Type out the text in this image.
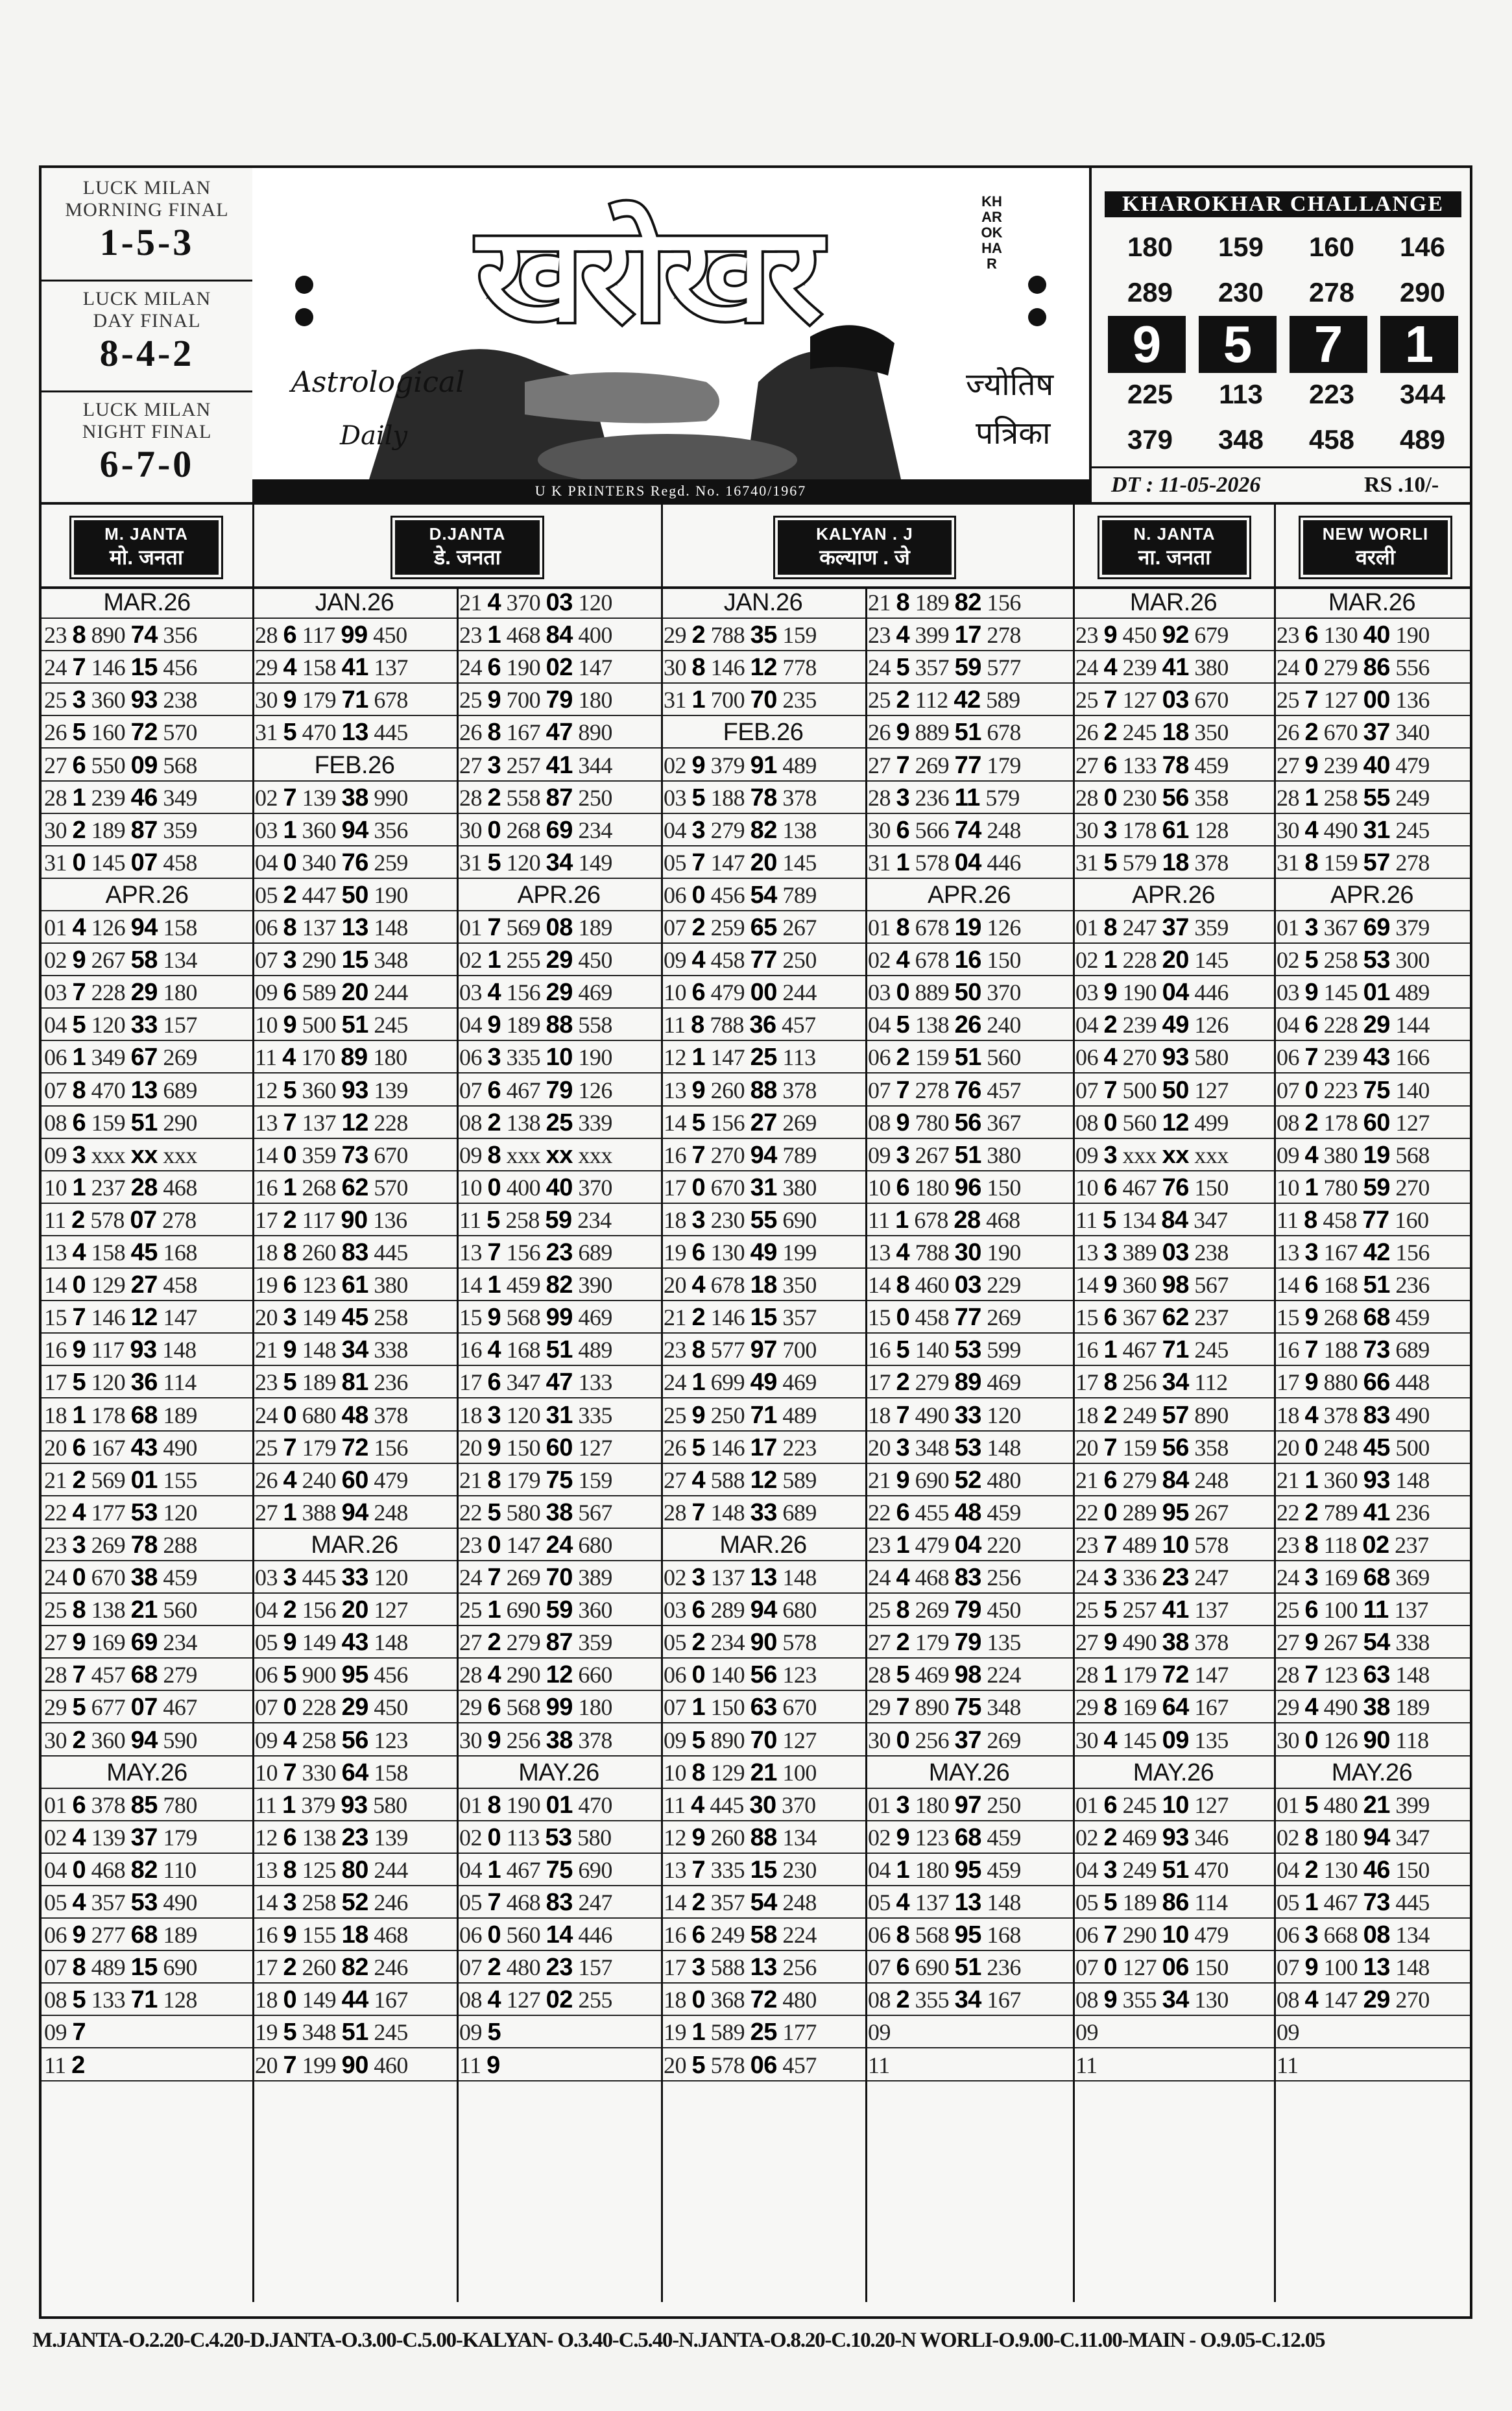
LUCK MILAN
MORNING FINAL
1-5-3
LUCK MILAN
DAY FINAL
8-4-2
LUCK MILAN
NIGHT FINAL
6-7-0
खरोखर	KHAROKHAR
Astrological
Daily
ज्योतिष
पत्रिका
U K PRINTERS Regd. No. 16740/1967
KHAROKHAR CHALLANGE
180 159 160 146
289 230 278 290
9 5 7 1
225 113 223 344
379 348 458 489
DT : 11-05-2026	RS .10/-
M. JANTA
मो. जनता
D.JANTA
डे. जनता
KALYAN . J
कल्याण . जे
N. JANTA
ना. जनता
NEW WORLI
वरली
MAR.26
23 8 890 74 356
24 7 146 15 456
25 3 360 93 238
26 5 160 72 570
27 6 550 09 568
28 1 239 46 349
30 2 189 87 359
31 0 145 07 458
APR.26
01 4 126 94 158
02 9 267 58 134
03 7 228 29 180
04 5 120 33 157
06 1 349 67 269
07 8 470 13 689
08 6 159 51 290
09 3 xxx xx xxx
10 1 237 28 468
11 2 578 07 278
13 4 158 45 168
14 0 129 27 458
15 7 146 12 147
16 9 117 93 148
17 5 120 36 114
18 1 178 68 189
20 6 167 43 490
21 2 569 01 155
22 4 177 53 120
23 3 269 78 288
24 0 670 38 459
25 8 138 21 560
27 9 169 69 234
28 7 457 68 279
29 5 677 07 467
30 2 360 94 590
MAY.26
01 6 378 85 780
02 4 139 37 179
04 0 468 82 110
05 4 357 53 490
06 9 277 68 189
07 8 489 15 690
08 5 133 71 128
09 7
11 2
JAN.26
28 6 117 99 450
29 4 158 41 137
30 9 179 71 678
31 5 470 13 445
FEB.26
02 7 139 38 990
03 1 360 94 356
04 0 340 76 259
05 2 447 50 190
06 8 137 13 148
07 3 290 15 348
09 6 589 20 244
10 9 500 51 245
11 4 170 89 180
12 5 360 93 139
13 7 137 12 228
14 0 359 73 670
16 1 268 62 570
17 2 117 90 136
18 8 260 83 445
19 6 123 61 380
20 3 149 45 258
21 9 148 34 338
23 5 189 81 236
24 0 680 48 378
25 7 179 72 156
26 4 240 60 479
27 1 388 94 248
MAR.26
03 3 445 33 120
04 2 156 20 127
05 9 149 43 148
06 5 900 95 456
07 0 228 29 450
09 4 258 56 123
10 7 330 64 158
11 1 379 93 580
12 6 138 23 139
13 8 125 80 244
14 3 258 52 246
16 9 155 18 468
17 2 260 82 246
18 0 149 44 167
19 5 348 51 245
20 7 199 90 460
21 4 370 03 120
23 1 468 84 400
24 6 190 02 147
25 9 700 79 180
26 8 167 47 890
27 3 257 41 344
28 2 558 87 250
30 0 268 69 234
31 5 120 34 149
APR.26
01 7 569 08 189
02 1 255 29 450
03 4 156 29 469
04 9 189 88 558
06 3 335 10 190
07 6 467 79 126
08 2 138 25 339
09 8 xxx xx xxx
10 0 400 40 370
11 5 258 59 234
13 7 156 23 689
14 1 459 82 390
15 9 568 99 469
16 4 168 51 489
17 6 347 47 133
18 3 120 31 335
20 9 150 60 127
21 8 179 75 159
22 5 580 38 567
23 0 147 24 680
24 7 269 70 389
25 1 690 59 360
27 2 279 87 359
28 4 290 12 660
29 6 568 99 180
30 9 256 38 378
MAY.26
01 8 190 01 470
02 0 113 53 580
04 1 467 75 690
05 7 468 83 247
06 0 560 14 446
07 2 480 23 157
08 4 127 02 255
09 5
11 9
JAN.26
29 2 788 35 159
30 8 146 12 778
31 1 700 70 235
FEB.26
02 9 379 91 489
03 5 188 78 378
04 3 279 82 138
05 7 147 20 145
06 0 456 54 789
07 2 259 65 267
09 4 458 77 250
10 6 479 00 244
11 8 788 36 457
12 1 147 25 113
13 9 260 88 378
14 5 156 27 269
16 7 270 94 789
17 0 670 31 380
18 3 230 55 690
19 6 130 49 199
20 4 678 18 350
21 2 146 15 357
23 8 577 97 700
24 1 699 49 469
25 9 250 71 489
26 5 146 17 223
27 4 588 12 589
28 7 148 33 689
MAR.26
02 3 137 13 148
03 6 289 94 680
05 2 234 90 578
06 0 140 56 123
07 1 150 63 670
09 5 890 70 127
10 8 129 21 100
11 4 445 30 370
12 9 260 88 134
13 7 335 15 230
14 2 357 54 248
16 6 249 58 224
17 3 588 13 256
18 0 368 72 480
19 1 589 25 177
20 5 578 06 457
21 8 189 82 156
23 4 399 17 278
24 5 357 59 577
25 2 112 42 589
26 9 889 51 678
27 7 269 77 179
28 3 236 11 579
30 6 566 74 248
31 1 578 04 446
APR.26
01 8 678 19 126
02 4 678 16 150
03 0 889 50 370
04 5 138 26 240
06 2 159 51 560
07 7 278 76 457
08 9 780 56 367
09 3 267 51 380
10 6 180 96 150
11 1 678 28 468
13 4 788 30 190
14 8 460 03 229
15 0 458 77 269
16 5 140 53 599
17 2 279 89 469
18 7 490 33 120
20 3 348 53 148
21 9 690 52 480
22 6 455 48 459
23 1 479 04 220
24 4 468 83 256
25 8 269 79 450
27 2 179 79 135
28 5 469 98 224
29 7 890 75 348
30 0 256 37 269
MAY.26
01 3 180 97 250
02 9 123 68 459
04 1 180 95 459
05 4 137 13 148
06 8 568 95 168
07 6 690 51 236
08 2 355 34 167
09
11
MAR.26
23 9 450 92 679
24 4 239 41 380
25 7 127 03 670
26 2 245 18 350
27 6 133 78 459
28 0 230 56 358
30 3 178 61 128
31 5 579 18 378
APR.26
01 8 247 37 359
02 1 228 20 145
03 9 190 04 446
04 2 239 49 126
06 4 270 93 580
07 7 500 50 127
08 0 560 12 499
09 3 xxx xx xxx
10 6 467 76 150
11 5 134 84 347
13 3 389 03 238
14 9 360 98 567
15 6 367 62 237
16 1 467 71 245
17 8 256 34 112
18 2 249 57 890
20 7 159 56 358
21 6 279 84 248
22 0 289 95 267
23 7 489 10 578
24 3 336 23 247
25 5 257 41 137
27 9 490 38 378
28 1 179 72 147
29 8 169 64 167
30 4 145 09 135
MAY.26
01 6 245 10 127
02 2 469 93 346
04 3 249 51 470
05 5 189 86 114
06 7 290 10 479
07 0 127 06 150
08 9 355 34 130
09
11
MAR.26
23 6 130 40 190
24 0 279 86 556
25 7 127 00 136
26 2 670 37 340
27 9 239 40 479
28 1 258 55 249
30 4 490 31 245
31 8 159 57 278
APR.26
01 3 367 69 379
02 5 258 53 300
03 9 145 01 489
04 6 228 29 144
06 7 239 43 166
07 0 223 75 140
08 2 178 60 127
09 4 380 19 568
10 1 780 59 270
11 8 458 77 160
13 3 167 42 156
14 6 168 51 236
15 9 268 68 459
16 7 188 73 689
17 9 880 66 448
18 4 378 83 490
20 0 248 45 500
21 1 360 93 148
22 2 789 41 236
23 8 118 02 237
24 3 169 68 369
25 6 100 11 137
27 9 267 54 338
28 7 123 63 148
29 4 490 38 189
30 0 126 90 118
MAY.26
01 5 480 21 399
02 8 180 94 347
04 2 130 46 150
05 1 467 73 445
06 3 668 08 134
07 9 100 13 148
08 4 147 29 270
09
11
M.JANTA-O.2.20-C.4.20-D.JANTA-O.3.00-C.5.00-KALYAN- O.3.40-C.5.40-N.JANTA-O.8.20-C.10.20-N WORLI-O.9.00-C.11.00-MAIN - O.9.05-C.12.05
